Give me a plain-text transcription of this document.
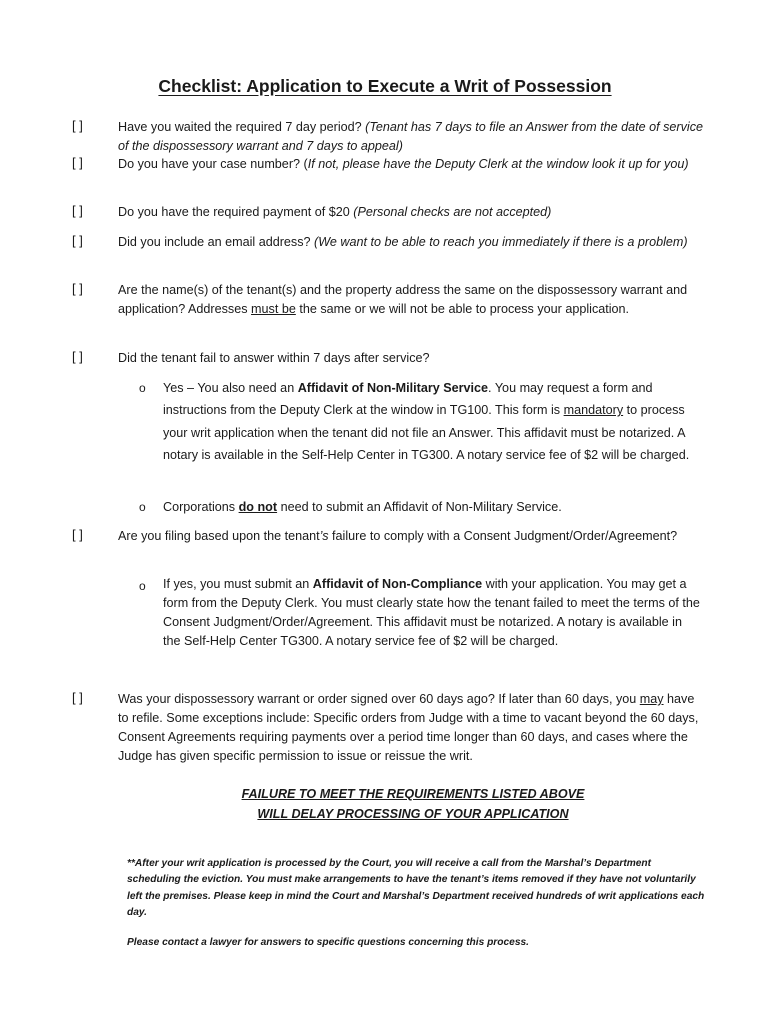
Checklist: Application to Execute a Writ of Possession
[ ]	Have you waited the required 7 day period? (Tenant has 7 days to file an Answer from the date of service of the dispossessory warrant and 7 days to appeal)
[ ]	Do you have your case number? (If not, please have the Deputy Clerk at the window look it up for you)
[ ]	Do you have the required payment of $20 (Personal checks are not accepted)
[ ]	Did you include an email address? (We want to be able to reach you immediately if there is a problem)
[ ]	Are the name(s) of the tenant(s) and the property address the same on the dispossessory warrant and application? Addresses must be the same or we will not be able to process your application.
[ ]	Did the tenant fail to answer within 7 days after service?
o Yes – You also need an Affidavit of Non-Military Service. You may request a form and instructions from the Deputy Clerk at the window in TG100. This form is mandatory to process your writ application when the tenant did not file an Answer. This affidavit must be notarized. A notary is available in the Self-Help Center in TG300. A notary service fee of $2 will be charged.
o Corporations do not need to submit an Affidavit of Non-Military Service.
[ ]	Are you filing based upon the tenant’s failure to comply with a Consent Judgment/Order/Agreement?
o If yes, you must submit an Affidavit of Non-Compliance with your application. You may get a form from the Deputy Clerk. You must clearly state how the tenant failed to meet the terms of the Consent Judgment/Order/Agreement. This affidavit must be notarized. A notary is available in the Self-Help Center TG300. A notary service fee of $2 will be charged.
[ ]	Was your dispossessory warrant or order signed over 60 days ago? If later than 60 days, you may have to refile. Some exceptions include: Specific orders from Judge with a time to vacant beyond the 60 days, Consent Agreements requiring payments over a period time longer than 60 days, and cases where the Judge has given specific permission to issue or reissue the writ.
FAILURE TO MEET THE REQUIREMENTS LISTED ABOVE
WILL DELAY PROCESSING OF YOUR APPLICATION
**After your writ application is processed by the Court, you will receive a call from the Marshal’s Department scheduling the eviction. You must make arrangements to have the tenant’s items removed if they have not voluntarily left the premises. Please keep in mind the Court and Marshal’s Department received hundreds of writ applications each day.
Please contact a lawyer for answers to specific questions concerning this process.
